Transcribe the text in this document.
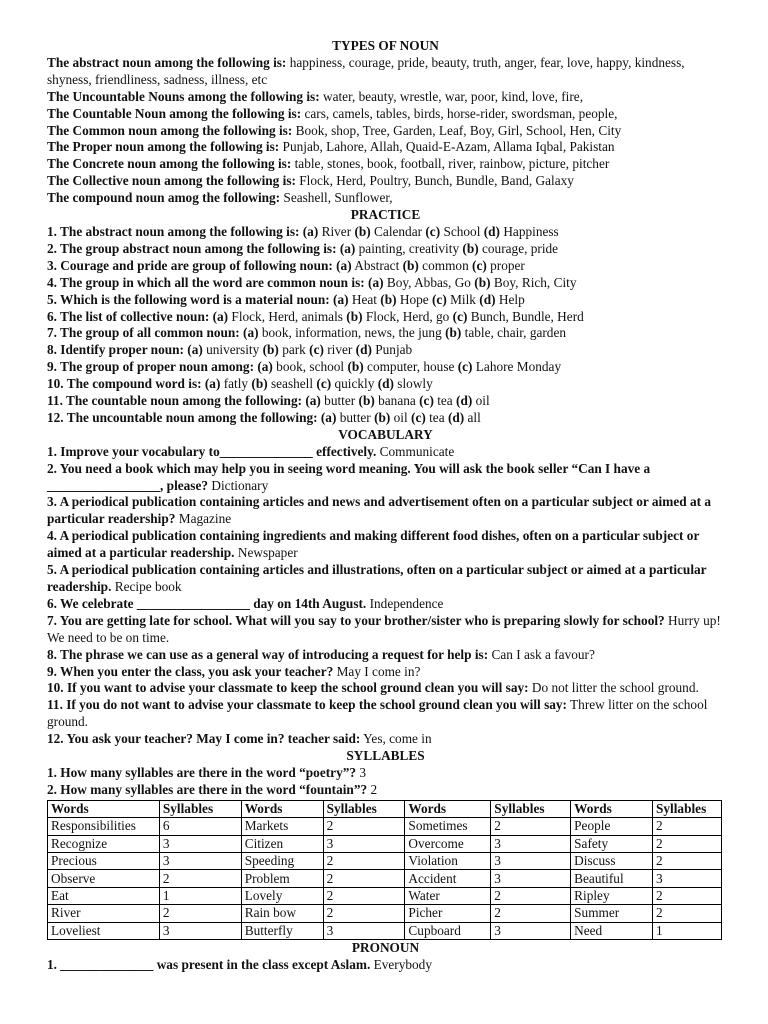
TYPES OF NOUN

The abstract noun among the following is: happiness, courage, pride, beauty, truth, anger, fear, love, happy, kindness, shyness, friendliness, sadness, illness, etc

The Uncountable Nouns among the following is: water, beauty, wrestle, war, poor, kind, love, fire,

The Countable Noun among the following is: cars, camels, tables, birds, horse-rider, swordsman, people,

The Common noun among the following is: Book, shop, Tree, Garden, Leaf, Boy, Girl, School, Hen, City

The Proper noun among the following is: Punjab, Lahore, Allah, Quaid-E-Azam, Allama Iqbal, Pakistan

The Concrete noun among the following is: table, stones, book, football, river, rainbow, picture, pitcher

The Collective noun among the following is: Flock, Herd, Poultry, Bunch, Bundle, Band, Galaxy

The compound noun amog the following: Seashell, Sunflower,

PRACTICE

1. The abstract noun among the following is: (a) River (b) Calendar (c) School (d) Happiness

2. The group abstract noun among the following is: (a) painting, creativity (b) courage, pride

3. Courage and pride are group of following noun: (a) Abstract (b) common (c) proper

4. The group in which all the word are common noun is: (a) Boy, Abbas, Go (b) Boy, Rich, City

5. Which is the following word is a material noun: (a) Heat (b) Hope (c) Milk (d) Help

6. The list of collective noun: (a) Flock, Herd, animals (b) Flock, Herd, go (c) Bunch, Bundle, Herd

7. The group of all common noun: (a) book, information, news, the jung (b) table, chair, garden

8. Identify proper noun: (a) university (b) park (c) river (d) Punjab

9. The group of proper noun among: (a) book, school (b) computer, house (c) Lahore Monday

10. The compound word is: (a) fatly (b) seashell (c) quickly (d) slowly

11. The countable noun among the following: (a) butter (b) banana (c) tea (d) oil

12. The uncountable noun among the following: (a) butter (b) oil (c) tea (d) all

VOCABULARY

1. Improve your vocabulary to______________ effectively. Communicate

2. You need a book which may help you in seeing word meaning. You will ask the book seller “Can I have a _________________, please? Dictionary

3. A periodical publication containing articles and news and advertisement often on a particular subject or aimed at a particular readership? Magazine

4. A periodical publication containing ingredients and making different food dishes, often on a particular subject or aimed at a particular readership. Newspaper

5. A periodical publication containing articles and illustrations, often on a particular subject or aimed at a particular readership. Recipe book

6. We celebrate _________________ day on 14th August. Independence

7. You are getting late for school. What will you say to your brother/sister who is preparing slowly for school? Hurry up! We need to be on time.

8. The phrase we can use as a general way of introducing a request for help is: Can I ask a favour?

9. When you enter the class, you ask your teacher? May I come in?

10. If you want to advise your classmate to keep the school ground clean you will say: Do not litter the school ground.

11. If you do not want to advise your classmate to keep the school ground clean you will say: Threw litter on the school ground.

12. You ask your teacher? May I come in? teacher said: Yes, come in

SYLLABLES

1. How many syllables are there in the word “poetry”? 3

2. How many syllables are there in the word “fountain”? 2

Words	Syllables	Words	Syllables	Words	Syllables	Words	Syllables
Responsibilities	6	Markets	2	Sometimes	2	People	2
Recognize	3	Citizen	3	Overcome	3	Safety	2
Precious	3	Speeding	2	Violation	3	Discuss	2
Observe	2	Problem	2	Accident	3	Beautiful	3
Eat	1	Lovely	2	Water	2	Ripley	2
River	2	Rain bow	2	Picher	2	Summer	2
Loveliest	3	Butterfly	3	Cupboard	3	Need	1
PRONOUN

1. ______________ was present in the class except Aslam. Everybody
